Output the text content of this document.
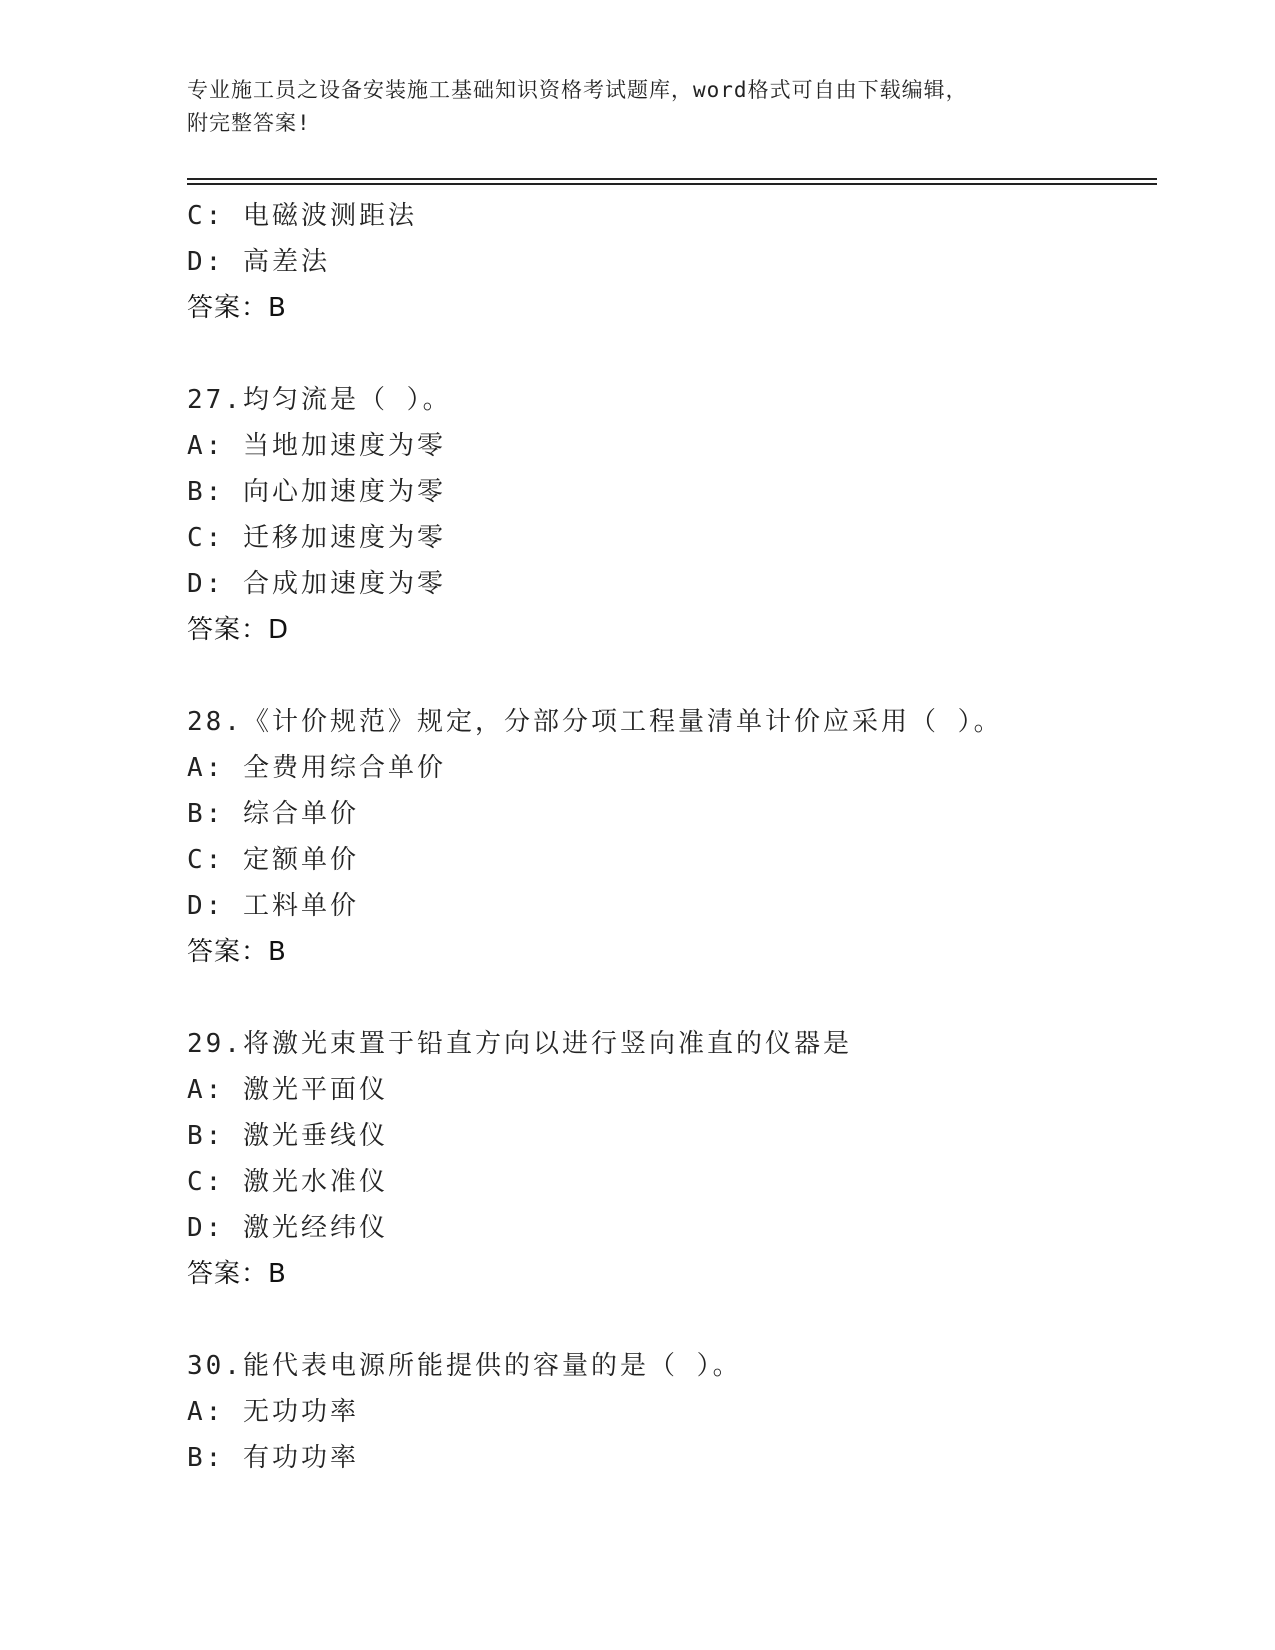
专业施工员之设备安装施工基础知识资格考试题库，word格式可自由下载编辑，
附完整答案!
C: 电磁波测距法
D: 高差法
答案：B
27.均匀流是（ ）。
A: 当地加速度为零
B: 向心加速度为零
C: 迁移加速度为零
D: 合成加速度为零
答案：D
28.《计价规范》规定，分部分项工程量清单计价应采用（ ）。
A: 全费用综合单价
B: 综合单价
C: 定额单价
D: 工料单价
答案：B
29.将激光束置于铅直方向以进行竖向准直的仪器是
A: 激光平面仪
B: 激光垂线仪
C: 激光水准仪
D: 激光经纬仪
答案：B
30.能代表电源所能提供的容量的是（ ）。
A: 无功功率
B: 有功功率
